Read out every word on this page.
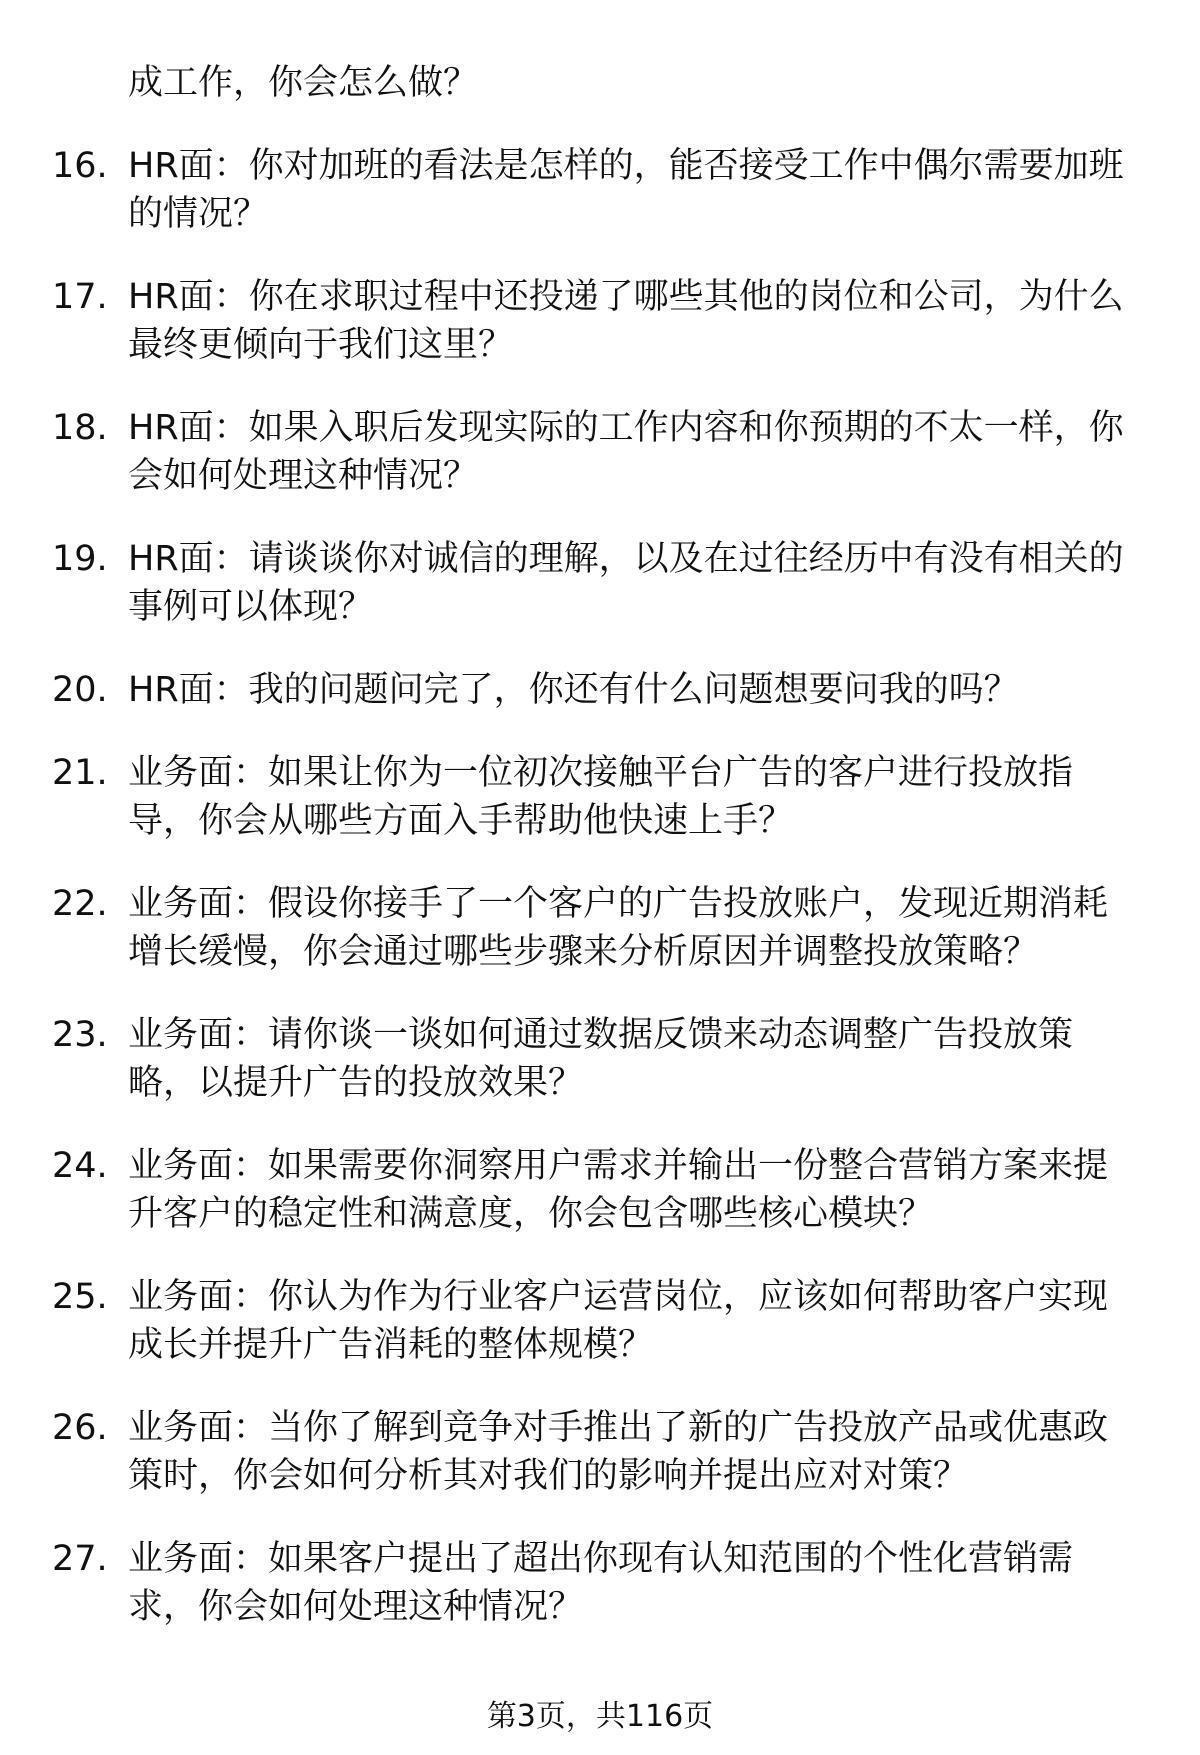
成工作，你会怎么做？
16. HR面：你对加班的看法是怎样的，能否接受工作中偶尔需要加班
的情况？
17. HR面：你在求职过程中还投递了哪些其他的岗位和公司，为什么
最终更倾向于我们这里？
18. HR面：如果入职后发现实际的工作内容和你预期的不太一样，你
会如何处理这种情况？
19. HR面：请谈谈你对诚信的理解，以及在过往经历中有没有相关的
事例可以体现？
20. HR面：我的问题问完了，你还有什么问题想要问我的吗？
21. 业务面：如果让你为一位初次接触平台广告的客户进行投放指
导，你会从哪些方面入手帮助他快速上手？
22. 业务面：假设你接手了一个客户的广告投放账户，发现近期消耗
增长缓慢，你会通过哪些步骤来分析原因并调整投放策略？
23. 业务面：请你谈一谈如何通过数据反馈来动态调整广告投放策
略，以提升广告的投放效果？
24. 业务面：如果需要你洞察用户需求并输出一份整合营销方案来提
升客户的稳定性和满意度，你会包含哪些核心模块？
25. 业务面：你认为作为行业客户运营岗位，应该如何帮助客户实现
成长并提升广告消耗的整体规模？
26. 业务面：当你了解到竞争对手推出了新的广告投放产品或优惠政
策时，你会如何分析其对我们的影响并提出应对对策？
27. 业务面：如果客户提出了超出你现有认知范围的个性化营销需
求，你会如何处理这种情况？
第3页，共116页
